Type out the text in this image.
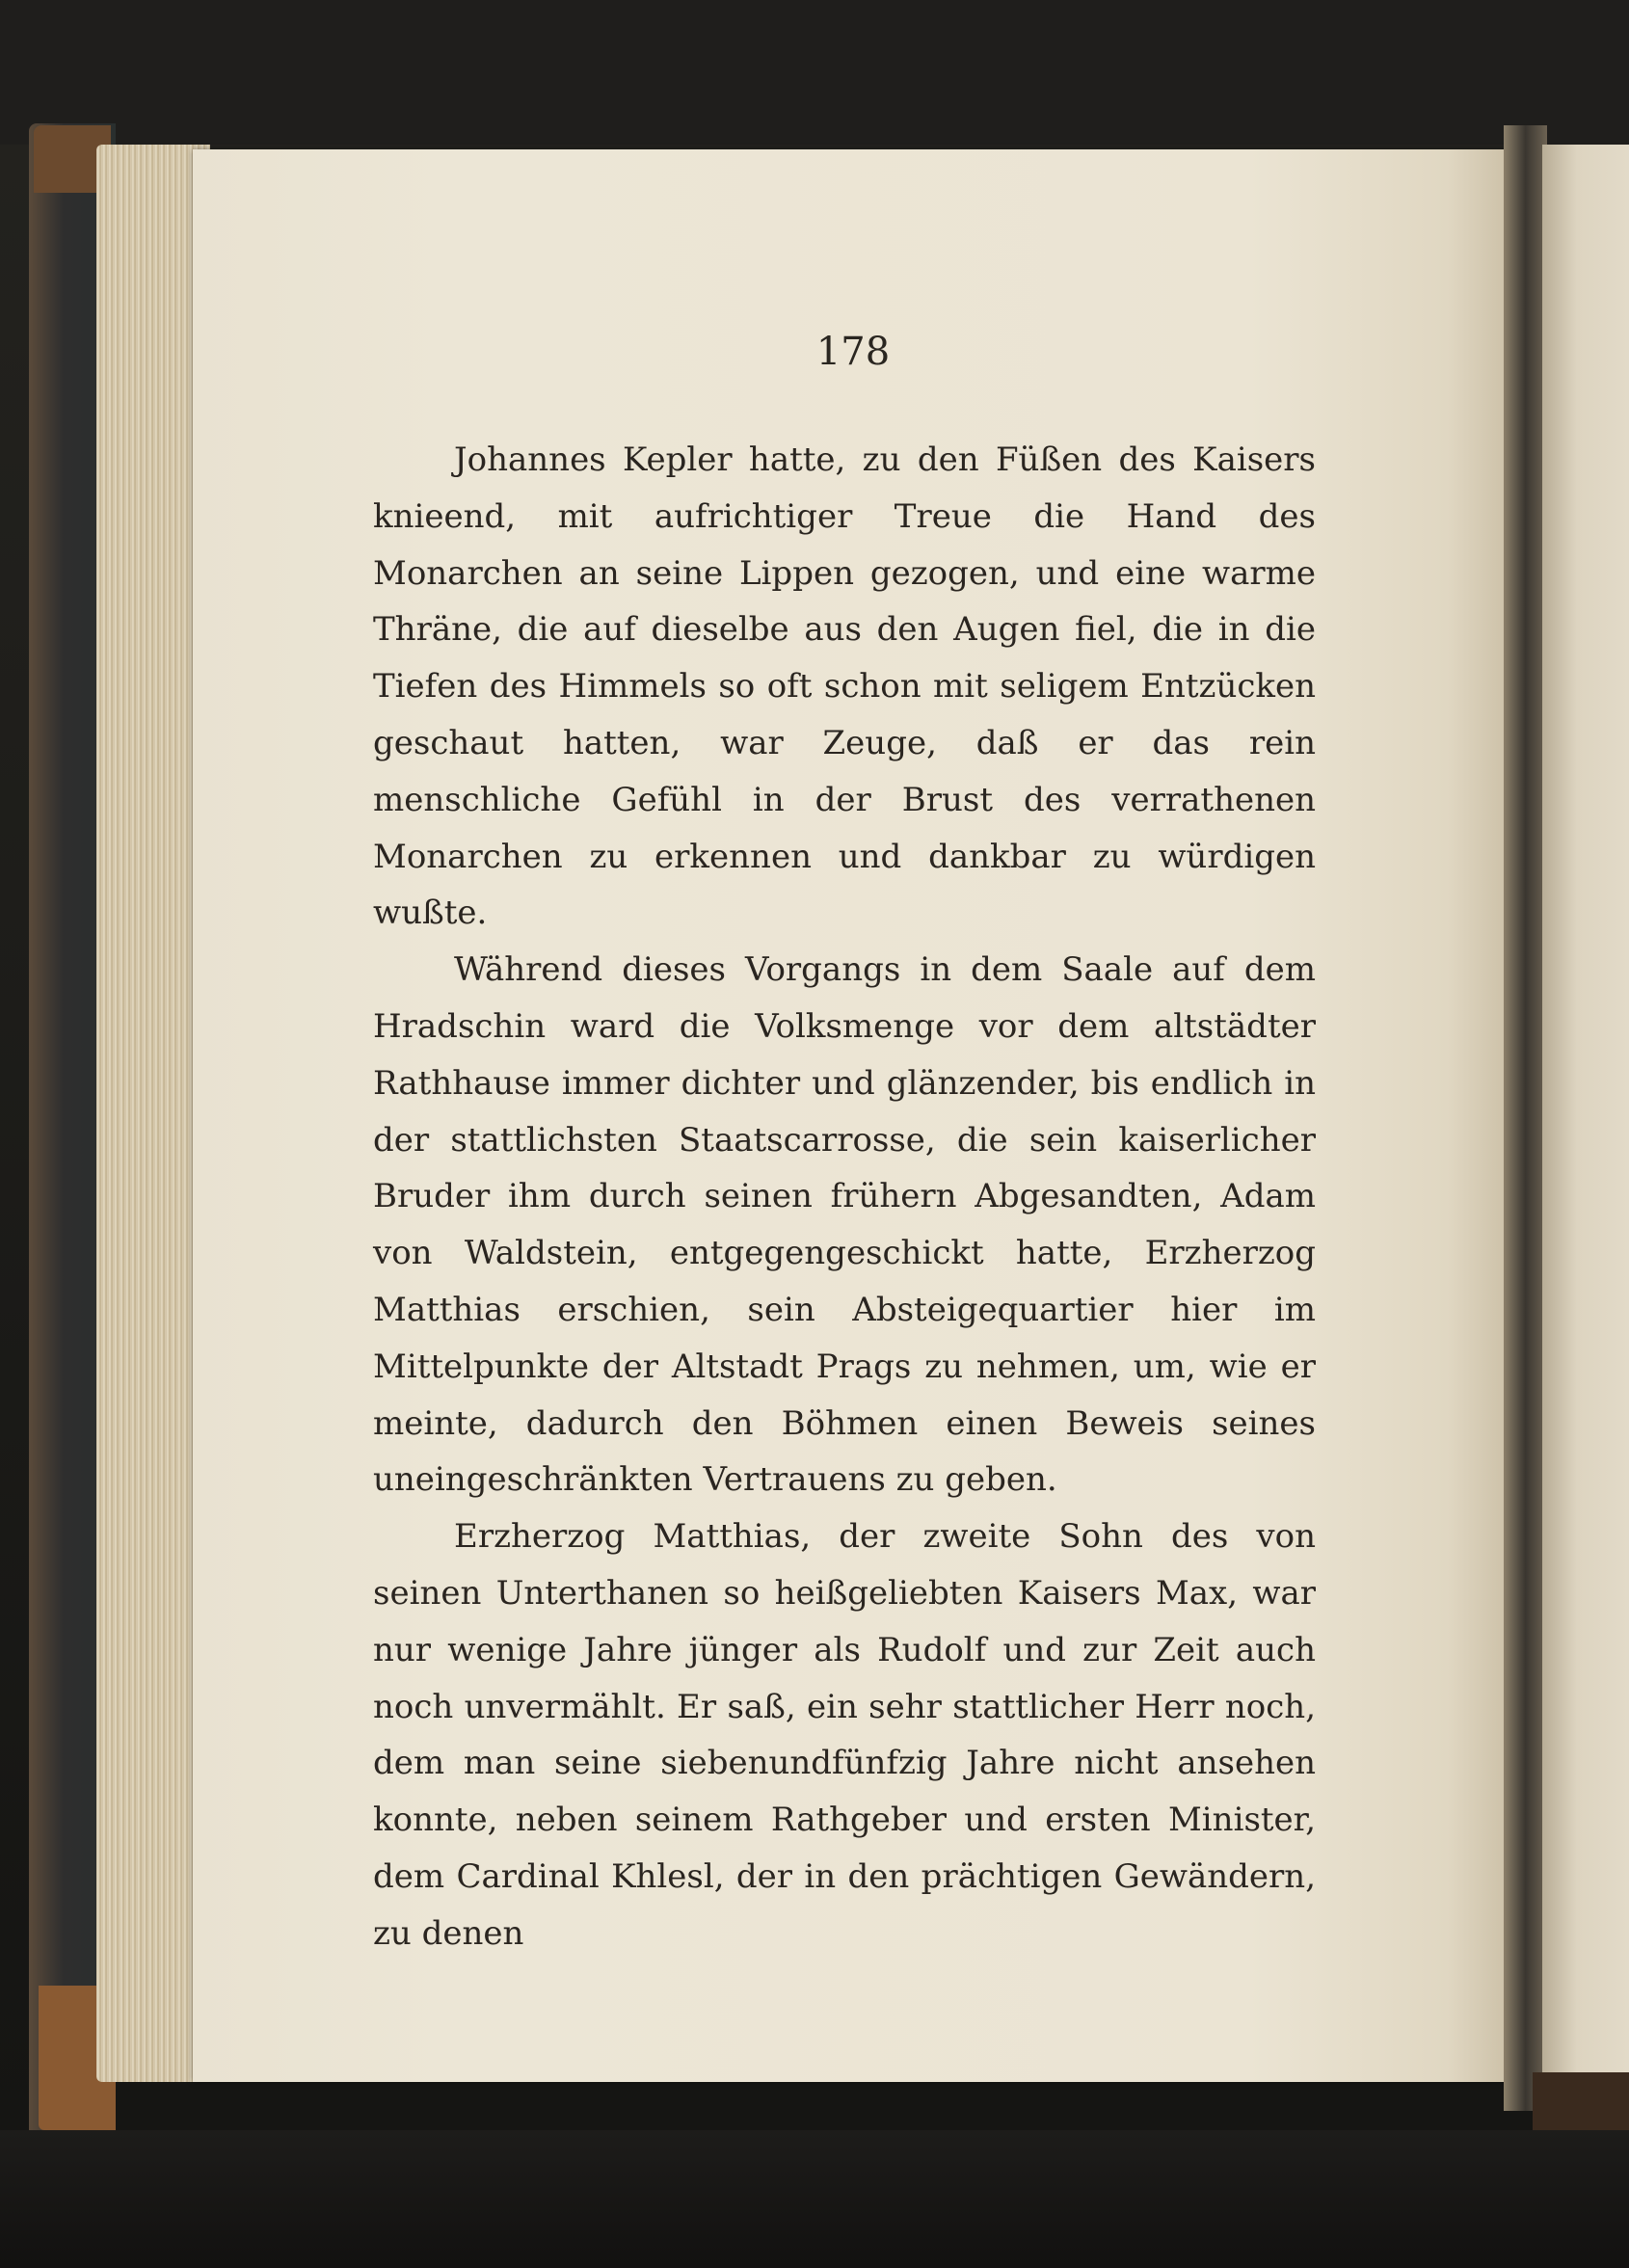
178

Johannes Kepler hatte, zu den Füßen des Kaisers knieend, mit aufrichtiger Treue die Hand des Monarchen an seine Lippen gezogen, und eine warme Thräne, die auf dieselbe aus den Augen fiel, die in die Tiefen des Himmels so oft schon mit seligem Entzücken geschaut hatten, war Zeuge, daß er das rein menschliche Gefühl in der Brust des verrathenen Monarchen zu erkennen und dankbar zu würdigen wußte.

Während dieses Vorgangs in dem Saale auf dem Hradschin ward die Volksmenge vor dem altstädter Rathhause immer dichter und glänzender, bis endlich in der stattlichsten Staatscarrosse, die sein kaiserlicher Bruder ihm durch seinen frühern Abgesandten, Adam von Waldstein, entgegengeschickt hatte, Erzherzog Matthias erschien, sein Absteigequartier hier im Mittelpunkte der Altstadt Prags zu nehmen, um, wie er meinte, dadurch den Böhmen einen Beweis seines uneingeschränkten Vertrauens zu geben.

Erzherzog Matthias, der zweite Sohn des von seinen Unterthanen so heißgeliebten Kaisers Max, war nur wenige Jahre jünger als Rudolf und zur Zeit auch noch unvermählt. Er saß, ein sehr stattlicher Herr noch, dem man seine siebenundfünfzig Jahre nicht ansehen konnte, neben seinem Rathgeber und ersten Minister, dem Cardinal Khlesl, der in den prächtigen Gewändern, zu denen
